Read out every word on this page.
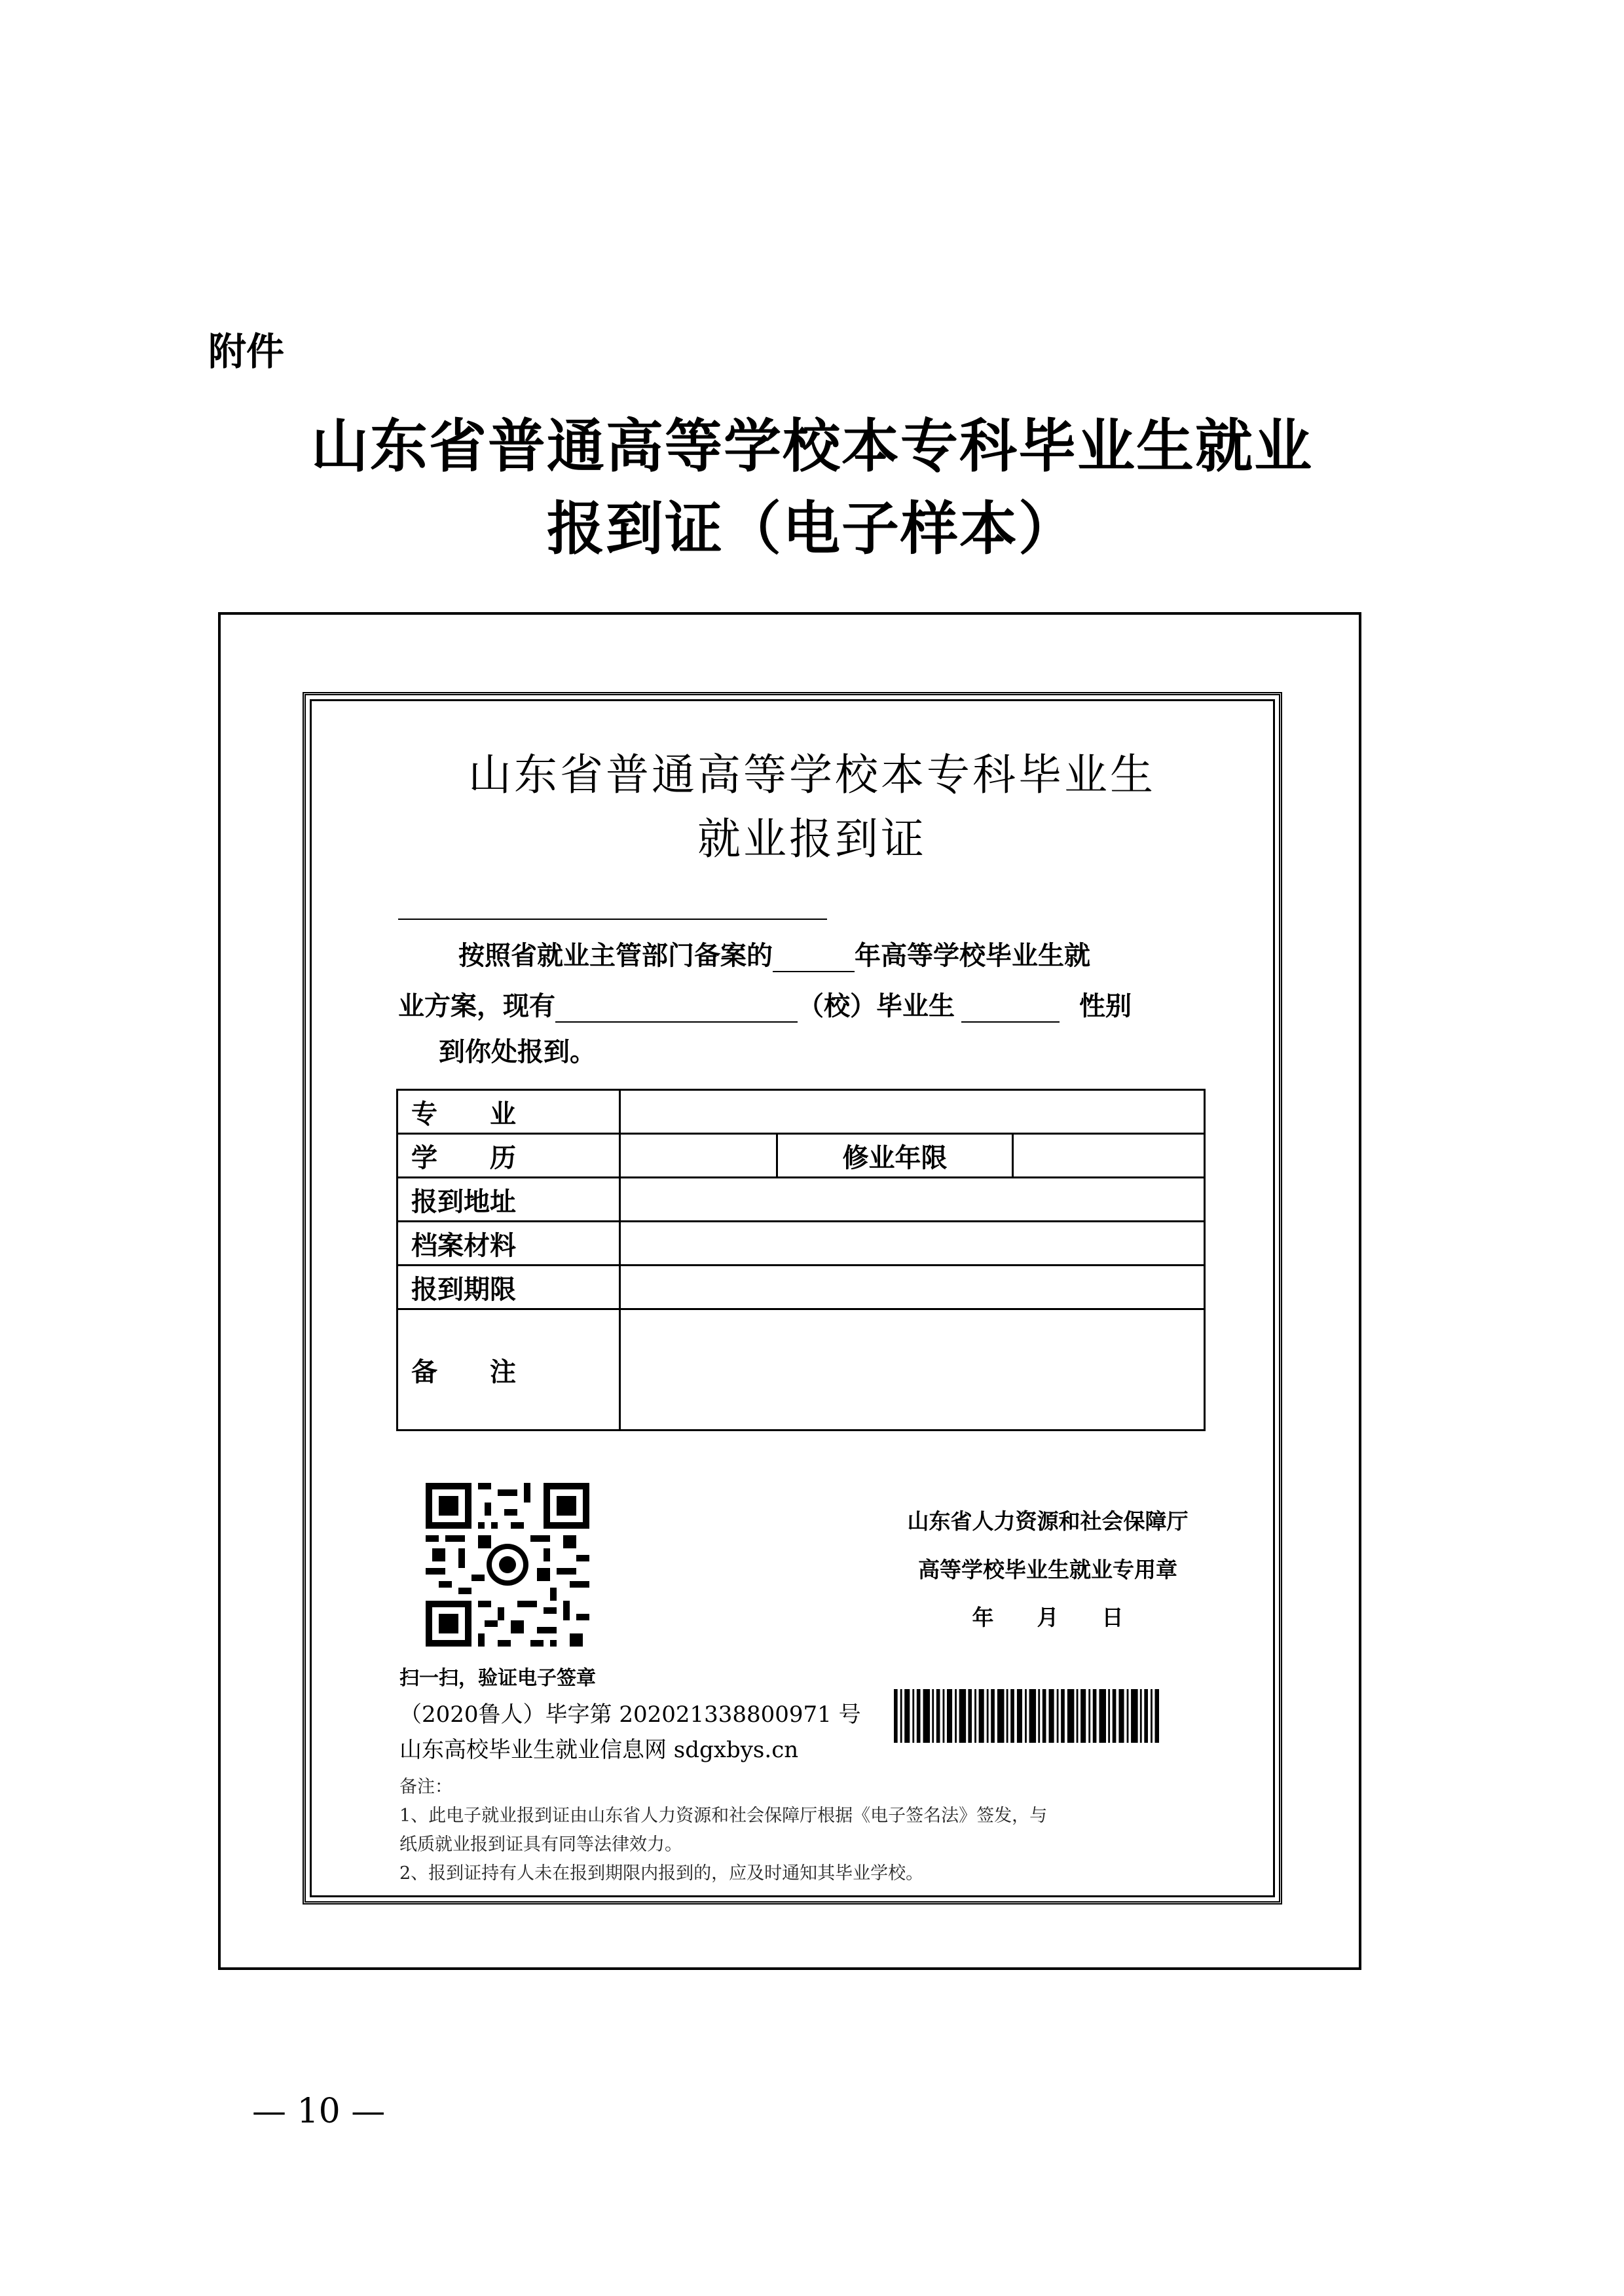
附件
山东省普通高等学校本专科毕业生就业
报到证（电子样本）
山东省普通高等学校本专科毕业生
就业报到证
按照省就业主管部门备案的	年高等学校毕业生就
业方案，现有	（校）毕业生	性别
到你处报到。
专　　业			
学　　历		修业年限	
报到地址			
档案材料			
报到期限			
备　　注			
扫一扫，验证电子签章
（2020鲁人）毕字第 202021338800971 号
山东高校毕业生就业信息网 sdgxbys.cn
山东省人力资源和社会保障厅
高等学校毕业生就业专用章
年　　月　　日
备注：
1、此电子就业报到证由山东省人力资源和社会保障厅根据《电子签名法》签发，与
纸质就业报到证具有同等法律效力。
2、报到证持有人未在报到期限内报到的，应及时通知其毕业学校。
— 10 —
